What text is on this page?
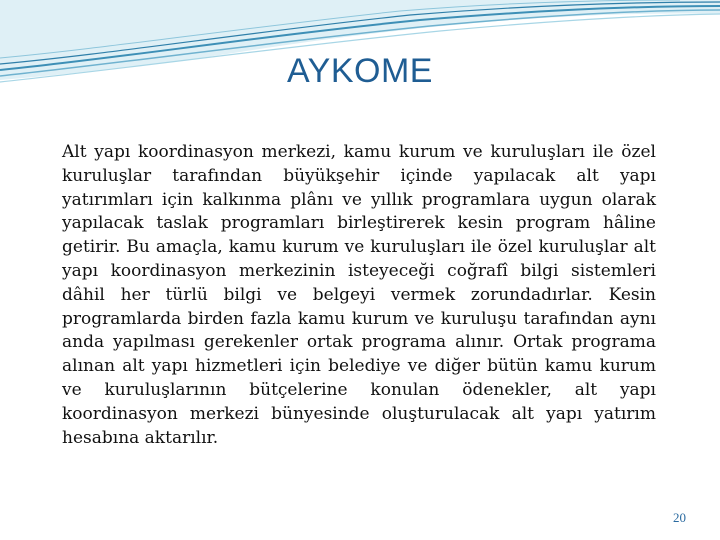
AYKOME

Alt yapı koordinasyon merkezi, kamu kurum ve kuruluşları ile özel kuruluşlar tarafından büyükşehir içinde yapılacak alt yapı yatırımları için kalkınma plânı ve yıllık programlara uygun olarak yapılacak taslak programları birleştirerek kesin program hâline getirir. Bu amaçla, kamu kurum ve kuruluşları ile özel kuruluşlar alt yapı koordinasyon merkezinin isteyeceği coğrafî bilgi sistemleri dâhil her türlü bilgi ve belgeyi vermek zorundadırlar. Kesin programlarda birden fazla kamu kurum ve kuruluşu tarafından aynı anda yapılması gerekenler ortak programa alınır. Ortak programa alınan alt yapı hizmetleri için belediye ve diğer bütün kamu kurum ve kuruluşlarının bütçelerine konulan ödenekler, alt yapı koordinasyon merkezi bünyesinde oluşturulacak alt yapı yatırım hesabına aktarılır.

20
